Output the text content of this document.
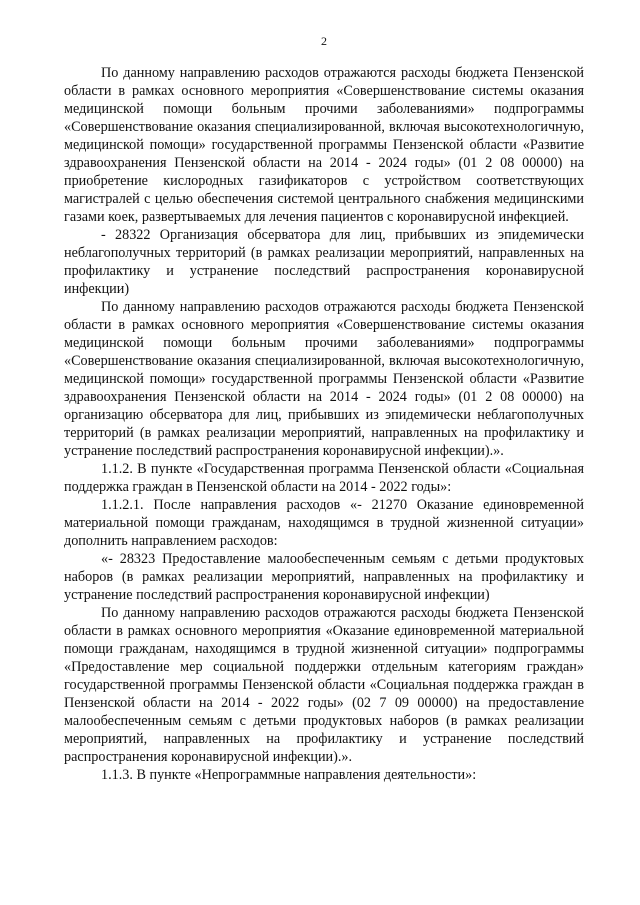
2

По данному направлению расходов отражаются расходы бюджета Пензенской области в рамках основного мероприятия «Совершенствование системы оказания медицинской помощи больным прочими заболеваниями» подпрограммы «Совершенствование оказания специализированной, включая высокотехнологичную, медицинской помощи» государственной программы Пензенской области «Развитие здравоохранения Пензенской области на 2014 - 2024 годы» (01 2 08 00000) на приобретение кислородных газификаторов с устройством соответствующих магистралей с целью обеспечения системой центрального снабжения медицинскими газами коек, развертываемых для лечения пациентов с коронавирусной инфекцией.

- 28322 Организация обсерватора для лиц, прибывших из эпидемически неблагополучных территорий (в рамках реализации мероприятий, направленных на профилактику и устранение последствий распространения коронавирусной инфекции)

По данному направлению расходов отражаются расходы бюджета Пензенской области в рамках основного мероприятия «Совершенствование системы оказания медицинской помощи больным прочими заболеваниями» подпрограммы «Совершенствование оказания специализированной, включая высокотехнологичную, медицинской помощи» государственной программы Пензенской области «Развитие здравоохранения Пензенской области на 2014 - 2024 годы» (01 2 08 00000) на организацию обсерватора для лиц, прибывших из эпидемически неблагополучных территорий (в рамках реализации мероприятий, направленных на профилактику и устранение последствий распространения коронавирусной инфекции).».

1.1.2. В пункте «Государственная программа Пензенской области «Социальная поддержка граждан в Пензенской области на 2014 - 2022 годы»:

1.1.2.1. После направления расходов «- 21270 Оказание единовременной материальной помощи гражданам, находящимся в трудной жизненной ситуации» дополнить направлением расходов:

«- 28323 Предоставление малообеспеченным семьям с детьми продуктовых наборов (в рамках реализации мероприятий, направленных на профилактику и устранение последствий распространения коронавирусной инфекции)

По данному направлению расходов отражаются расходы бюджета Пензенской области в рамках основного мероприятия «Оказание единовременной материальной помощи гражданам, находящимся в трудной жизненной ситуации» подпрограммы «Предоставление мер социальной поддержки отдельным категориям граждан» государственной программы Пензенской области «Социальная поддержка граждан в Пензенской области на 2014 - 2022 годы» (02 7 09 00000) на предоставление малообеспеченным семьям с детьми продуктовых наборов (в рамках реализации мероприятий, направленных на профилактику и устранение последствий распространения коронавирусной инфекции).».

1.1.3. В пункте «Непрограммные направления деятельности»:
